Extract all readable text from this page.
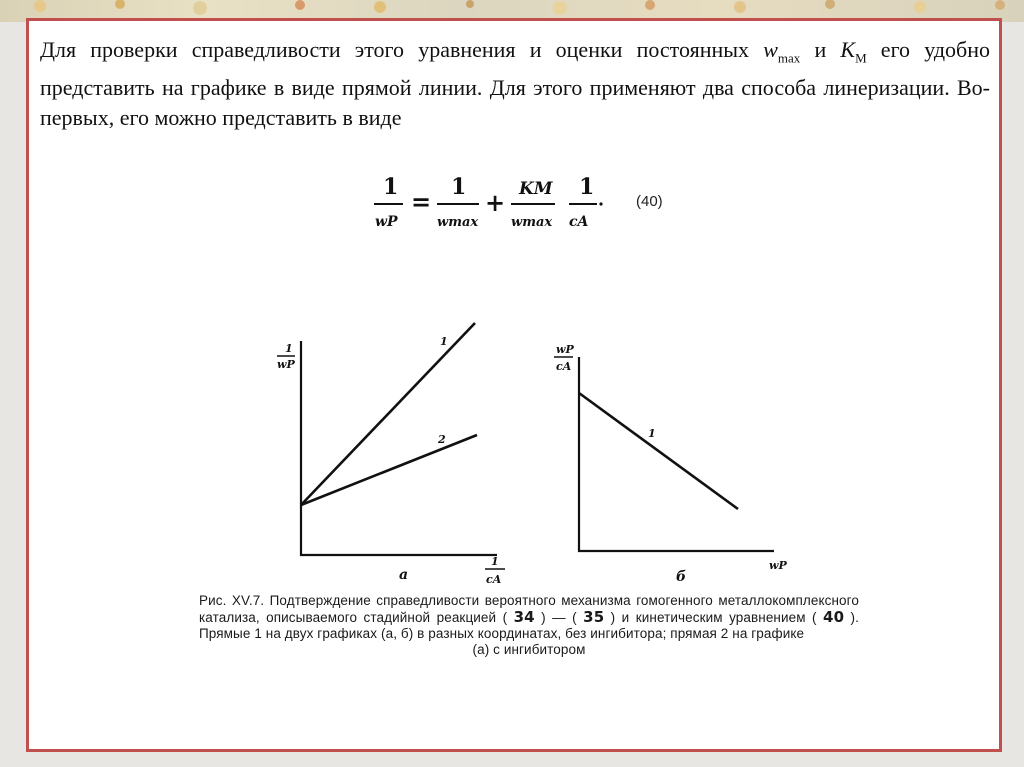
Для проверки справедливости этого уравнения и оценки постоянных $w_{max}$ и $K_M$ его удобно представить на графике в виде прямой линии. Для этого применяют два способа линеризации. Во-первых, его можно представить в виде

1
wP
= 1
wmax
+ KM
wmax
1
cA
(40)
1
wP
1
2
1
cA
a
wP
cA
1
wP
б
Рис. XV.7. Подтверждение справедливости вероятного механизма гомогенного металлокомплексного катализа, описываемого стадийной реакцией ( 34 ) — ( 35 ) и кинетическим уравнением ( 40 ). Прямые 1 на двух графиках (а, б) в разных координатах, без ингибитора; прямая 2 на графике
(а) с ингибитором
